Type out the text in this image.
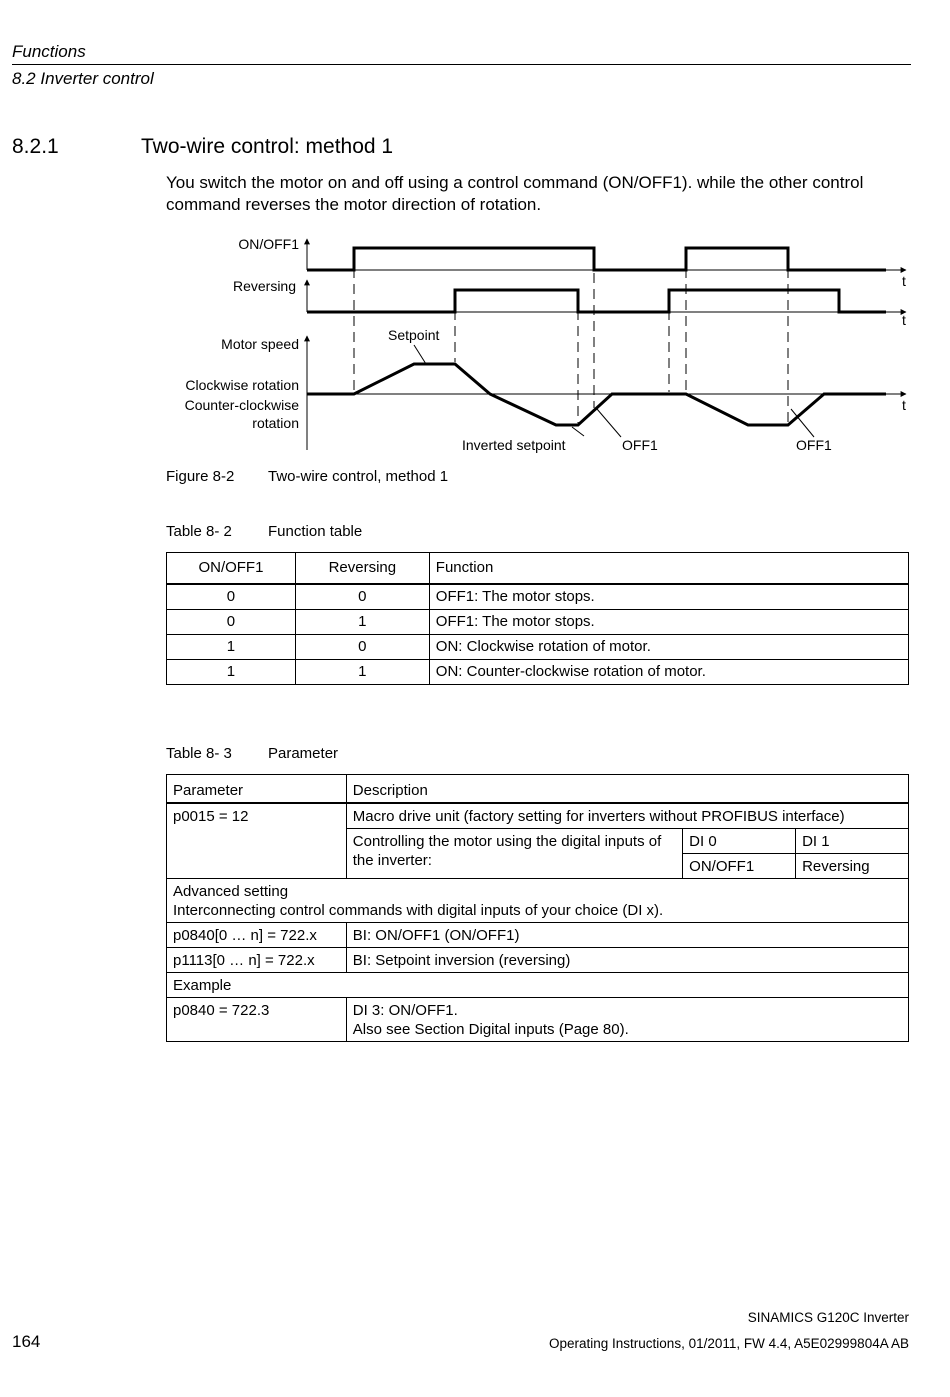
Functions
8.2 Inverter control
8.2.1	Two-wire control: method 1
You switch the motor on and off using a control command (ON/OFF1). while the other control command reverses the motor direction of rotation.
ON/OFF1
Reversing
Motor speed
Clockwise rotation
Counter-clockwise
rotation
Setpoint
Inverted setpoint	OFF1	OFF1
t
t
t
Figure 8-2 Two-wire control, method 1
Table 8- 2 Function table
ON/OFF1	Reversing	Function
0	0	OFF1: The motor stops.
0	1	OFF1: The motor stops.
1	0	ON: Clockwise rotation of motor.
1	1	ON: Counter-clockwise rotation of motor.
Table 8- 3 Parameter
Parameter	Description		
p0015 = 12	Macro drive unit (factory setting for inverters without PROFIBUS interface)		
	Controlling the motor using the digital inputs of the inverter:	DI 0	DI 1
		ON/OFF1	Reversing

Advanced setting
Interconnecting control commands with digital inputs of your choice (DI x).			

p0840[0 … n] = 722.x	BI: ON/OFF1 (ON/OFF1)		
p1113[0 … n] = 722.x	BI: Setpoint inversion (reversing)		
Example			
p0840 = 722.3	DI 3: ON/OFF1.
Also see Section Digital inputs (Page 80).		
SINAMICS G120C Inverter
Operating Instructions, 01/2011, FW 4.4, A5E02999804A AB
164
